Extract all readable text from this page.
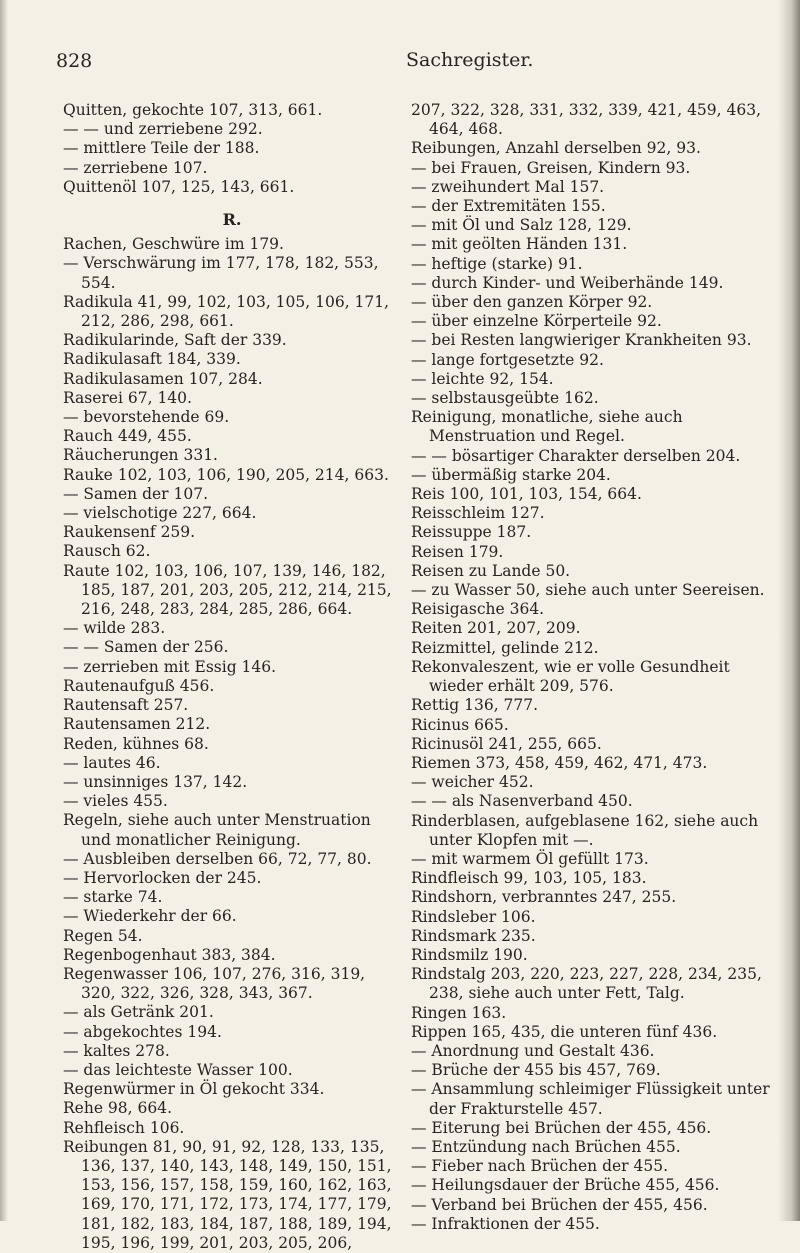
828	Sachregister.

Quitten, gekochte 107, 313, 661.

— — und zerriebene 292.

— mittlere Teile der 188.

— zerriebene 107.

Quittenöl 107, 125, 143, 661.

R.

Rachen, Geschwüre im 179.

— Verschwärung im 177, 178, 182, 553, 554.

Radikula 41, 99, 102, 103, 105, 106, 171, 212, 286, 298, 661.

Radikularinde, Saft der 339.

Radikulasaft 184, 339.

Radikulasamen 107, 284.

Raserei 67, 140.

— bevorstehende 69.

Rauch 449, 455.

Räucherungen 331.

Rauke 102, 103, 106, 190, 205, 214, 663.

— Samen der 107.

— vielschotige 227, 664.

Raukensenf 259.

Rausch 62.

Raute 102, 103, 106, 107, 139, 146, 182, 185, 187, 201, 203, 205, 212, 214, 215, 216, 248, 283, 284, 285, 286, 664.

— wilde 283.

— — Samen der 256.

— zerrieben mit Essig 146.

Rautenaufguß 456.

Rautensaft 257.

Rautensamen 212.

Reden, kühnes 68.

— lautes 46.

— unsinniges 137, 142.

— vieles 455.

Regeln, siehe auch unter Menstruation und monatlicher Reinigung.

— Ausbleiben derselben 66, 72, 77, 80.

— Hervorlocken der 245.

— starke 74.

— Wiederkehr der 66.

Regen 54.

Regenbogenhaut 383, 384.

Regenwasser 106, 107, 276, 316, 319, 320, 322, 326, 328, 343, 367.

— als Getränk 201.

— abgekochtes 194.

— kaltes 278.

— das leichteste Wasser 100.

Regenwürmer in Öl gekocht 334.

Rehe 98, 664.

Rehfleisch 106.

Reibungen 81, 90, 91, 92, 128, 133, 135, 136, 137, 140, 143, 148, 149, 150, 151, 153, 156, 157, 158, 159, 160, 162, 163, 169, 170, 171, 172, 173, 174, 177, 179, 181, 182, 183, 184, 187, 188, 189, 194, 195, 196, 199, 201, 203, 205, 206,

207, 322, 328, 331, 332, 339, 421, 459, 463, 464, 468.

Reibungen, Anzahl derselben 92, 93.

— bei Frauen, Greisen, Kindern 93.

— zweihundert Mal 157.

— der Extremitäten 155.

— mit Öl und Salz 128, 129.

— mit geölten Händen 131.

— heftige (starke) 91.

— durch Kinder- und Weiberhände 149.

— über den ganzen Körper 92.

— über einzelne Körperteile 92.

— bei Resten langwieriger Krankheiten 93.

— lange fortgesetzte 92.

— leichte 92, 154.

— selbstausgeübte 162.

Reinigung, monatliche, siehe auch Menstruation und Regel.

— — bösartiger Charakter derselben 204.

— übermäßig starke 204.

Reis 100, 101, 103, 154, 664.

Reisschleim 127.

Reissuppe 187.

Reisen 179.

Reisen zu Lande 50.

— zu Wasser 50, siehe auch unter Seereisen.

Reisigasche 364.

Reiten 201, 207, 209.

Reizmittel, gelinde 212.

Rekonvaleszent, wie er volle Gesundheit wieder erhält 209, 576.

Rettig 136, 777.

Ricinus 665.

Ricinusöl 241, 255, 665.

Riemen 373, 458, 459, 462, 471, 473.

— weicher 452.

— — als Nasenverband 450.

Rinderblasen, aufgeblasene 162, siehe auch unter Klopfen mit —.

— mit warmem Öl gefüllt 173.

Rindfleisch 99, 103, 105, 183.

Rindshorn, verbranntes 247, 255.

Rindsleber 106.

Rindsmark 235.

Rindsmilz 190.

Rindstalg 203, 220, 223, 227, 228, 234, 235, 238, siehe auch unter Fett, Talg.

Ringen 163.

Rippen 165, 435, die unteren fünf 436.

— Anordnung und Gestalt 436.

— Brüche der 455 bis 457, 769.

— Ansammlung schleimiger Flüssigkeit unter der Frakturstelle 457.

— Eiterung bei Brüchen der 455, 456.

— Entzündung nach Brüchen 455.

— Fieber nach Brüchen der 455.

— Heilungsdauer der Brüche 455, 456.

— Verband bei Brüchen der 455, 456.

— Infraktionen der 455.
